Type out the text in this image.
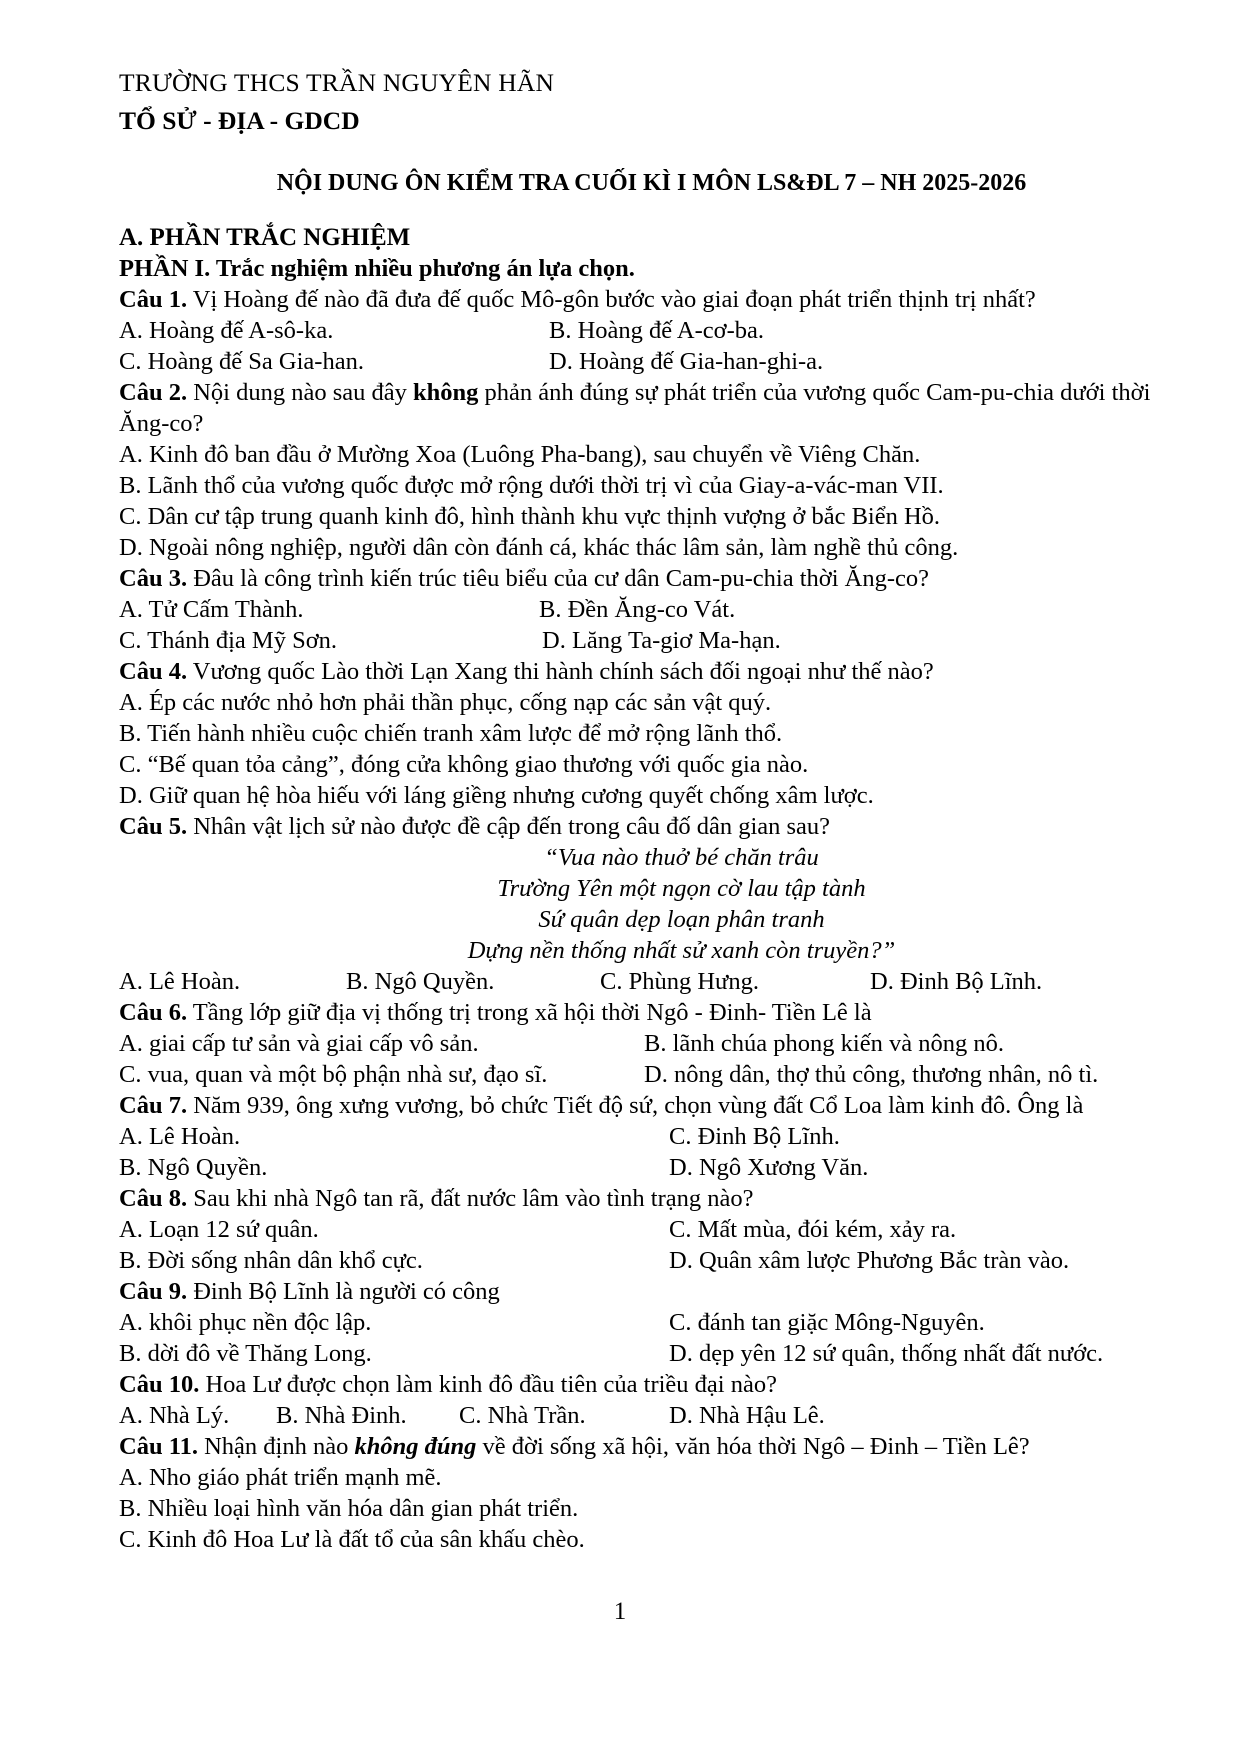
TRƯỜNG THCS TRẦN NGUYÊN HÃN
TỔ SỬ - ĐỊA - GDCD
NỘI DUNG ÔN KIỂM TRA CUỐI KÌ I MÔN LS&ĐL 7 – NH 2025-2026
A. PHẦN TRẮC NGHIỆM
PHẦN I. Trắc nghiệm nhiều phương án lựa chọn.
Câu 1. Vị Hoàng đế nào đã đưa đế quốc Mô-gôn bước vào giai đoạn phát triển thịnh trị nhất?
A. Hoàng đế A-sô-ka.	B. Hoàng đế A-cơ-ba.
C. Hoàng đế Sa Gia-han.	D. Hoàng đế Gia-han-ghi-a.
Câu 2. Nội dung nào sau đây không phản ánh đúng sự phát triển của vương quốc Cam-pu-chia dưới thời Ăng-co?
A. Kinh đô ban đầu ở Mường Xoa (Luông Pha-bang), sau chuyển về Viêng Chăn.
B. Lãnh thổ của vương quốc được mở rộng dưới thời trị vì của Giay-a-vác-man VII.
C. Dân cư tập trung quanh kinh đô, hình thành khu vực thịnh vượng ở bắc Biển Hồ.
D. Ngoài nông nghiệp, người dân còn đánh cá, khác thác lâm sản, làm nghề thủ công.
Câu 3. Đâu là công trình kiến trúc tiêu biểu của cư dân Cam-pu-chia thời Ăng-co?
A. Tử Cấm Thành.	B. Đền Ăng-co Vát.
C. Thánh địa Mỹ Sơn.	D. Lăng Ta-giơ Ma-hạn.
Câu 4. Vương quốc Lào thời Lạn Xang thi hành chính sách đối ngoại như thế nào?
A. Ép các nước nhỏ hơn phải thần phục, cống nạp các sản vật quý.
B. Tiến hành nhiều cuộc chiến tranh xâm lược để mở rộng lãnh thổ.
C. “Bế quan tỏa cảng”, đóng cửa không giao thương với quốc gia nào.
D. Giữ quan hệ hòa hiếu với láng giềng nhưng cương quyết chống xâm lược.
Câu 5. Nhân vật lịch sử nào được đề cập đến trong câu đố dân gian sau?
“Vua nào thuở bé chăn trâu
Trường Yên một ngọn cờ lau tập tành
Sứ quân dẹp loạn phân tranh
Dựng nền thống nhất sử xanh còn truyền?”
A. Lê Hoàn.	B. Ngô Quyền.	C. Phùng Hưng.	D. Đinh Bộ Lĩnh.
Câu 6. Tầng lớp giữ địa vị thống trị trong xã hội thời Ngô - Đinh- Tiền Lê là
A. giai cấp tư sản và giai cấp vô sản.	B. lãnh chúa phong kiến và nông nô.
C. vua, quan và một bộ phận nhà sư, đạo sĩ.	D. nông dân, thợ thủ công, thương nhân, nô tì.
Câu 7. Năm 939, ông xưng vương, bỏ chức Tiết độ sứ, chọn vùng đất Cổ Loa làm kinh đô. Ông là
A. Lê Hoàn.	C. Đinh Bộ Lĩnh.
B. Ngô Quyền.	D. Ngô Xương Văn.
Câu 8. Sau khi nhà Ngô tan rã, đất nước lâm vào tình trạng nào?
A. Loạn 12 sứ quân.	C. Mất mùa, đói kém, xảy ra.
B. Đời sống nhân dân khổ cực.	D. Quân xâm lược Phương Bắc tràn vào.
Câu 9. Đinh Bộ Lĩnh là người có công
A. khôi phục nền độc lập.	C. đánh tan giặc Mông-Nguyên.
B. dời đô về Thăng Long.	D. dẹp yên 12 sứ quân, thống nhất đất nước.
Câu 10. Hoa Lư được chọn làm kinh đô đầu tiên của triều đại nào?
A. Nhà Lý. B. Nhà Đinh. C. Nhà Trần.	D. Nhà Hậu Lê.
Câu 11. Nhận định nào không đúng về đời sống xã hội, văn hóa thời Ngô – Đinh – Tiền Lê?
A. Nho giáo phát triển mạnh mẽ.
B. Nhiều loại hình văn hóa dân gian phát triển.
C. Kinh đô Hoa Lư là đất tổ của sân khấu chèo.
1
